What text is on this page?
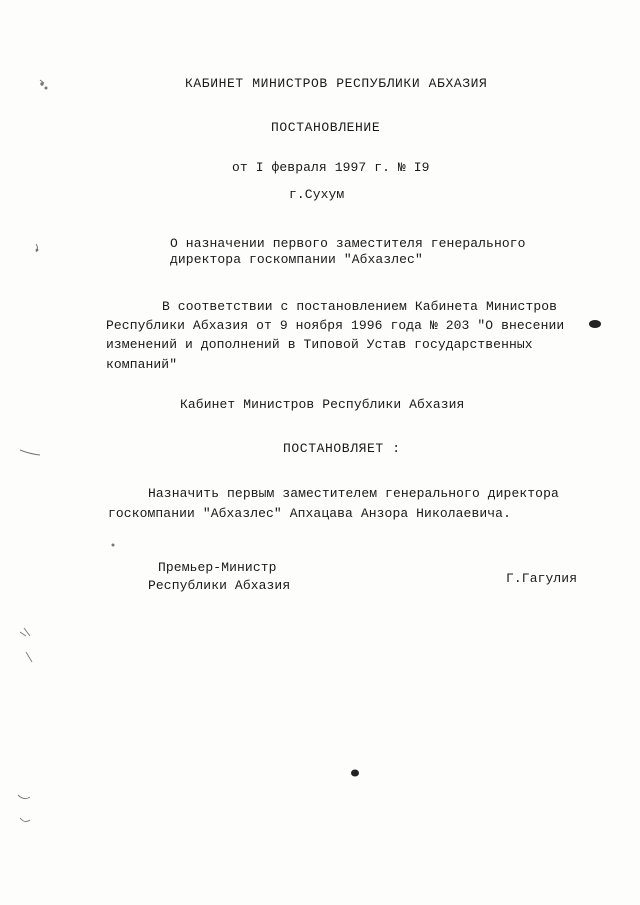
КАБИНЕТ МИНИСТРОВ РЕСПУБЛИКИ АБХАЗИЯ
ПОСТАНОВЛЕНИЕ
от I февраля 1997 г. № I9
г.Сухум
О назначении первого заместителя генерального
директора госкомпании "Абхазлес"
В соответствии с постановлением Кабинета Министров
Республики Абхазия от 9 ноября 1996 года № 203 "О внесении
изменений и дополнений в Типовой Устав государственных
компаний"
Кабинет Министров Республики Абхазия
ПОСТАНОВЛЯЕТ :
Назначить первым заместителем генерального директора
госкомпании "Абхазлес" Апхацава Анзора Николаевича.
Премьер-Министр
Республики Абхазия	Г.Гагулия
